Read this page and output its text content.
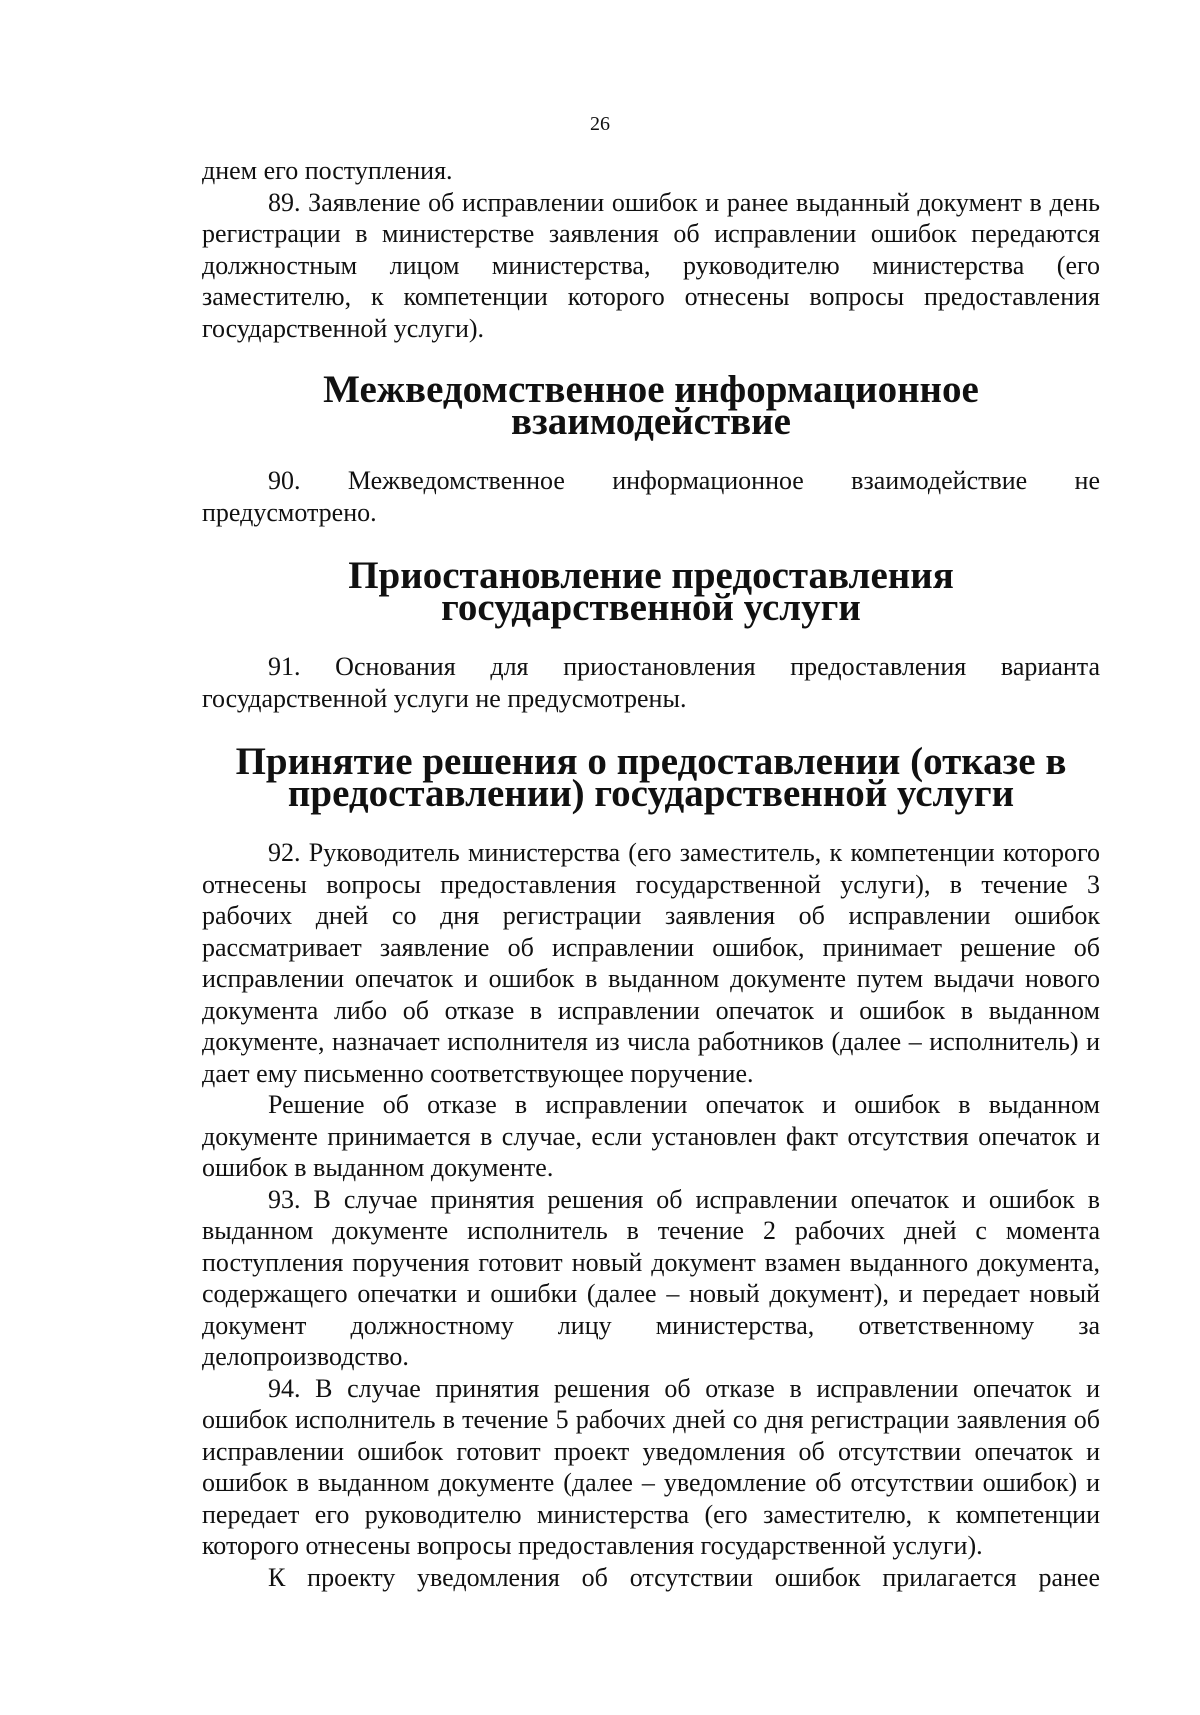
26

днем его поступления.

89. Заявление об исправлении ошибок и ранее выданный документ в день регистрации в министерстве заявления об исправлении ошибок передаются должностным лицом министерства, руководителю министерства (его заместителю, к компетенции которого отнесены вопросы предоставления государственной услуги).

Межведомственное информационное взаимодействие

90. Межведомственное информационное взаимодействие не предусмотрено.

Приостановление предоставления государственной услуги

91. Основания для приостановления предоставления варианта государственной услуги не предусмотрены.

Принятие решения о предоставлении (отказе в предоставлении) государственной услуги

92. Руководитель министерства (его заместитель, к компетенции которого отнесены вопросы предоставления государственной услуги), в течение 3 рабочих дней со дня регистрации заявления об исправлении ошибок рассматривает заявление об исправлении ошибок, принимает решение об исправлении опечаток и ошибок в выданном документе путем выдачи нового документа либо об отказе в исправлении опечаток и ошибок в выданном документе, назначает исполнителя из числа работников (далее – исполнитель) и дает ему письменно соответствующее поручение.

Решение об отказе в исправлении опечаток и ошибок в выданном документе принимается в случае, если установлен факт отсутствия опечаток и ошибок в выданном документе.

93. В случае принятия решения об исправлении опечаток и ошибок в выданном документе исполнитель в течение 2 рабочих дней с момента поступления поручения готовит новый документ взамен выданного документа, содержащего опечатки и ошибки (далее – новый документ), и передает новый документ должностному лицу министерства, ответственному за делопроизводство.

94. В случае принятия решения об отказе в исправлении опечаток и ошибок исполнитель в течение 5 рабочих дней со дня регистрации заявления об исправлении ошибок готовит проект уведомления об отсутствии опечаток и ошибок в выданном документе (далее – уведомление об отсутствии ошибок) и передает его руководителю министерства (его заместителю, к компетенции которого отнесены вопросы предоставления государственной услуги).

К проекту уведомления об отсутствии ошибок прилагается ранее
